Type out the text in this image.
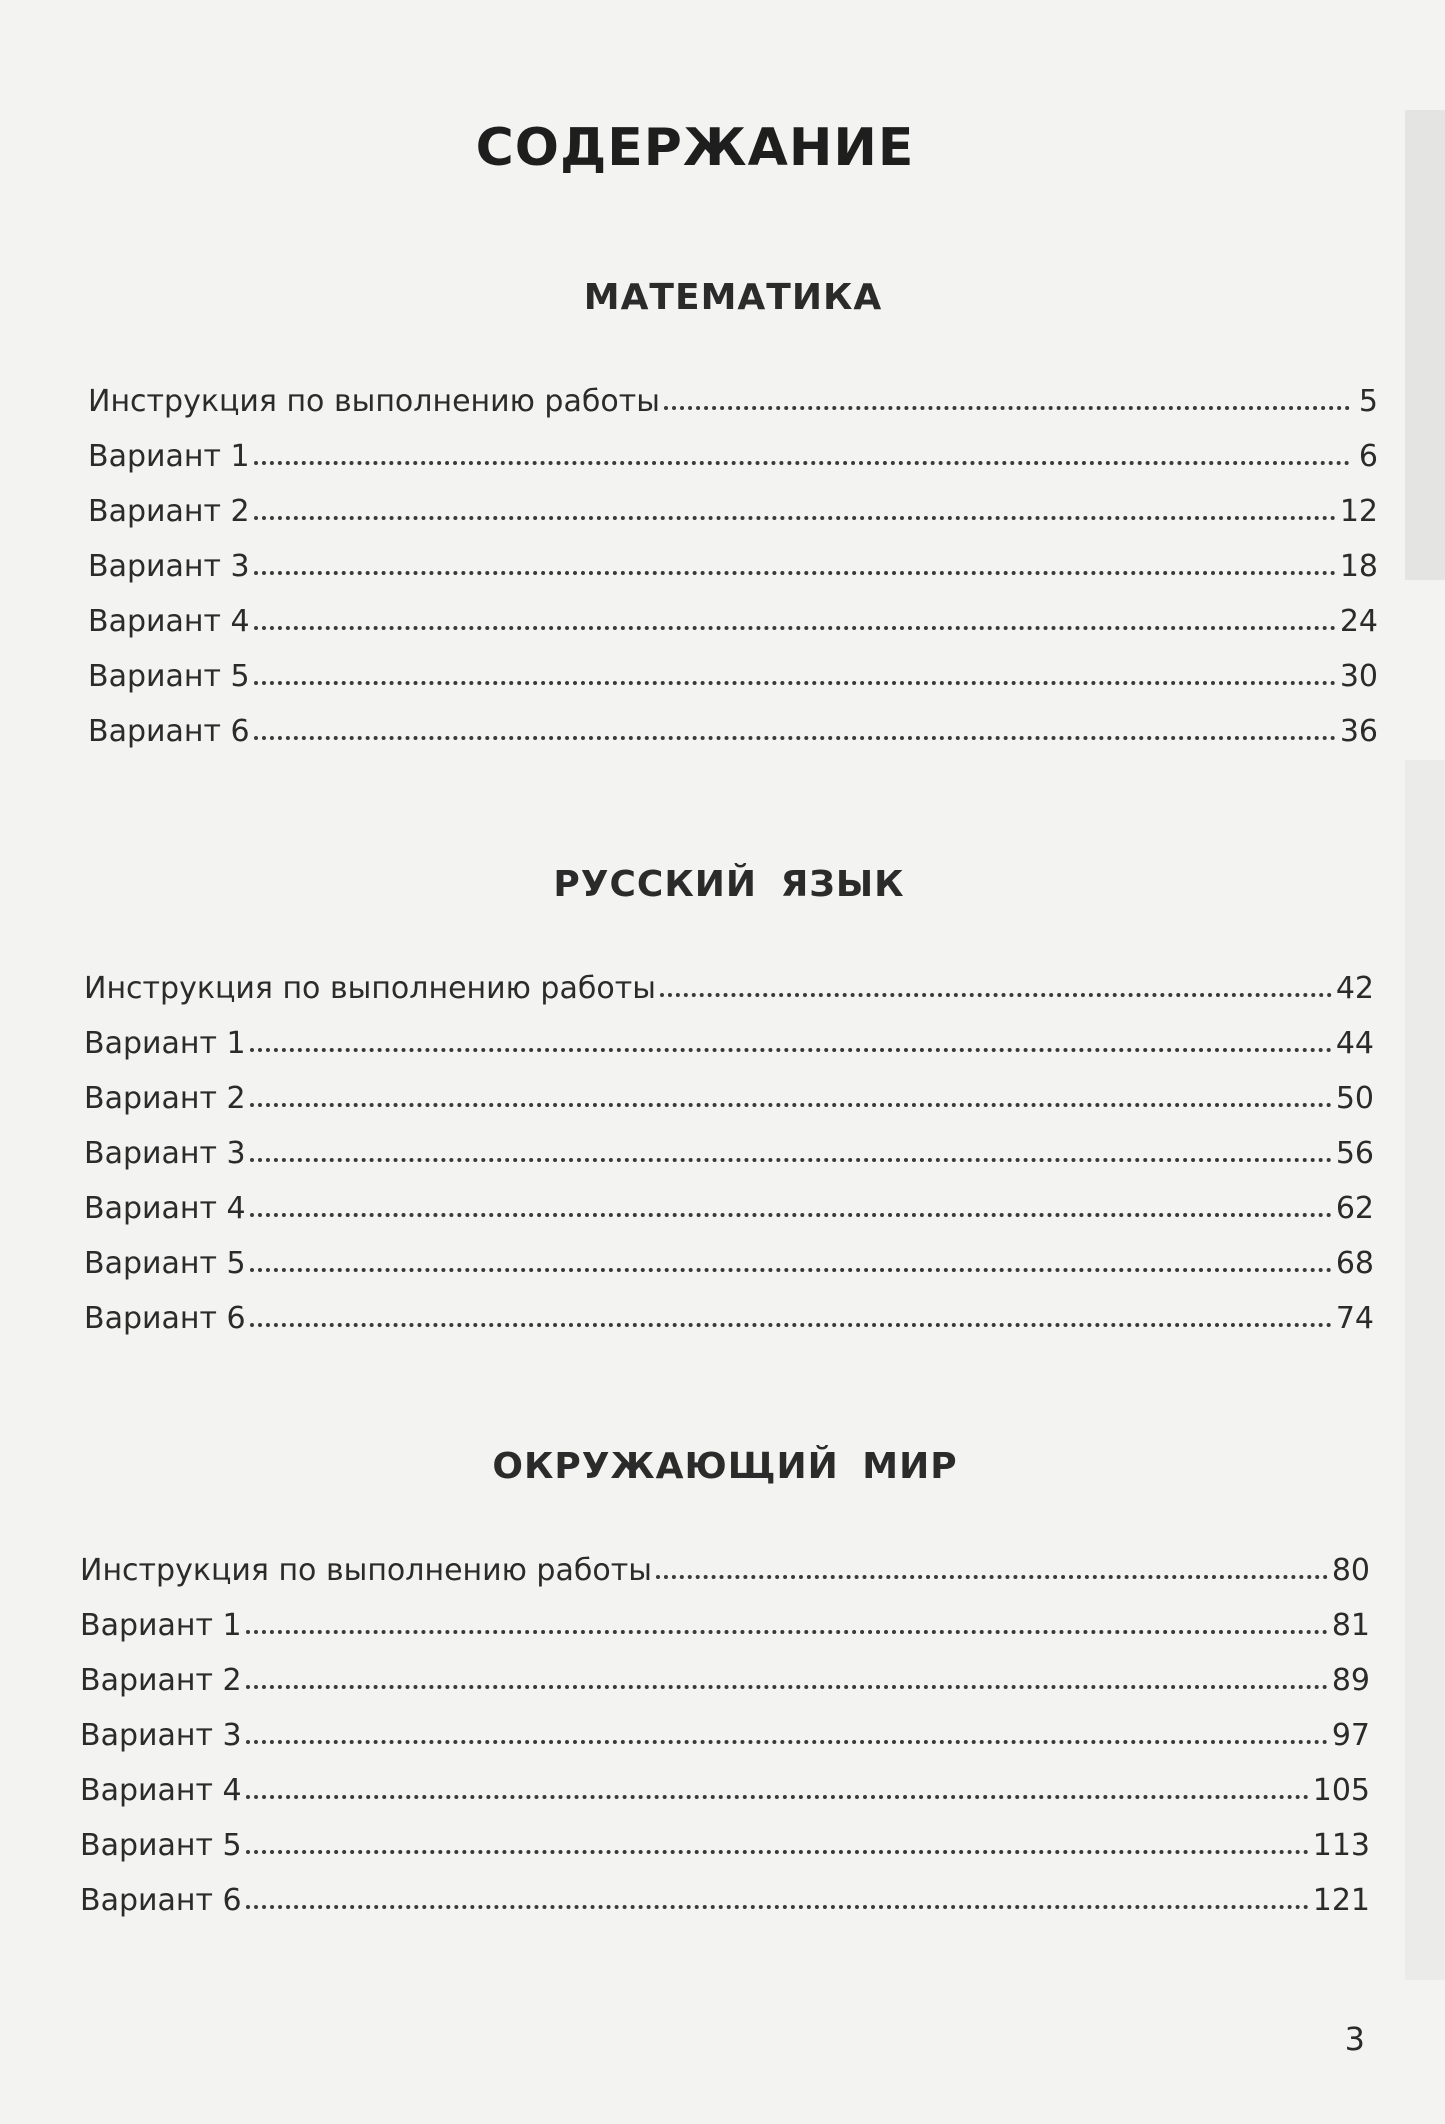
СОДЕРЖАНИЕ
МАТЕМАТИКА
Инструкция по выполнению работы	5
Вариант 1	6
Вариант 2	12
Вариант 3	18
Вариант 4	24
Вариант 5	30
Вариант 6	36
РУССКИЙ ЯЗЫК
Инструкция по выполнению работы	42
Вариант 1	44
Вариант 2	50
Вариант 3	56
Вариант 4	62
Вариант 5	68
Вариант 6	74
ОКРУЖАЮЩИЙ МИР
Инструкция по выполнению работы	80
Вариант 1	81
Вариант 2	89
Вариант 3	97
Вариант 4	105
Вариант 5	113
Вариант 6	121
3
